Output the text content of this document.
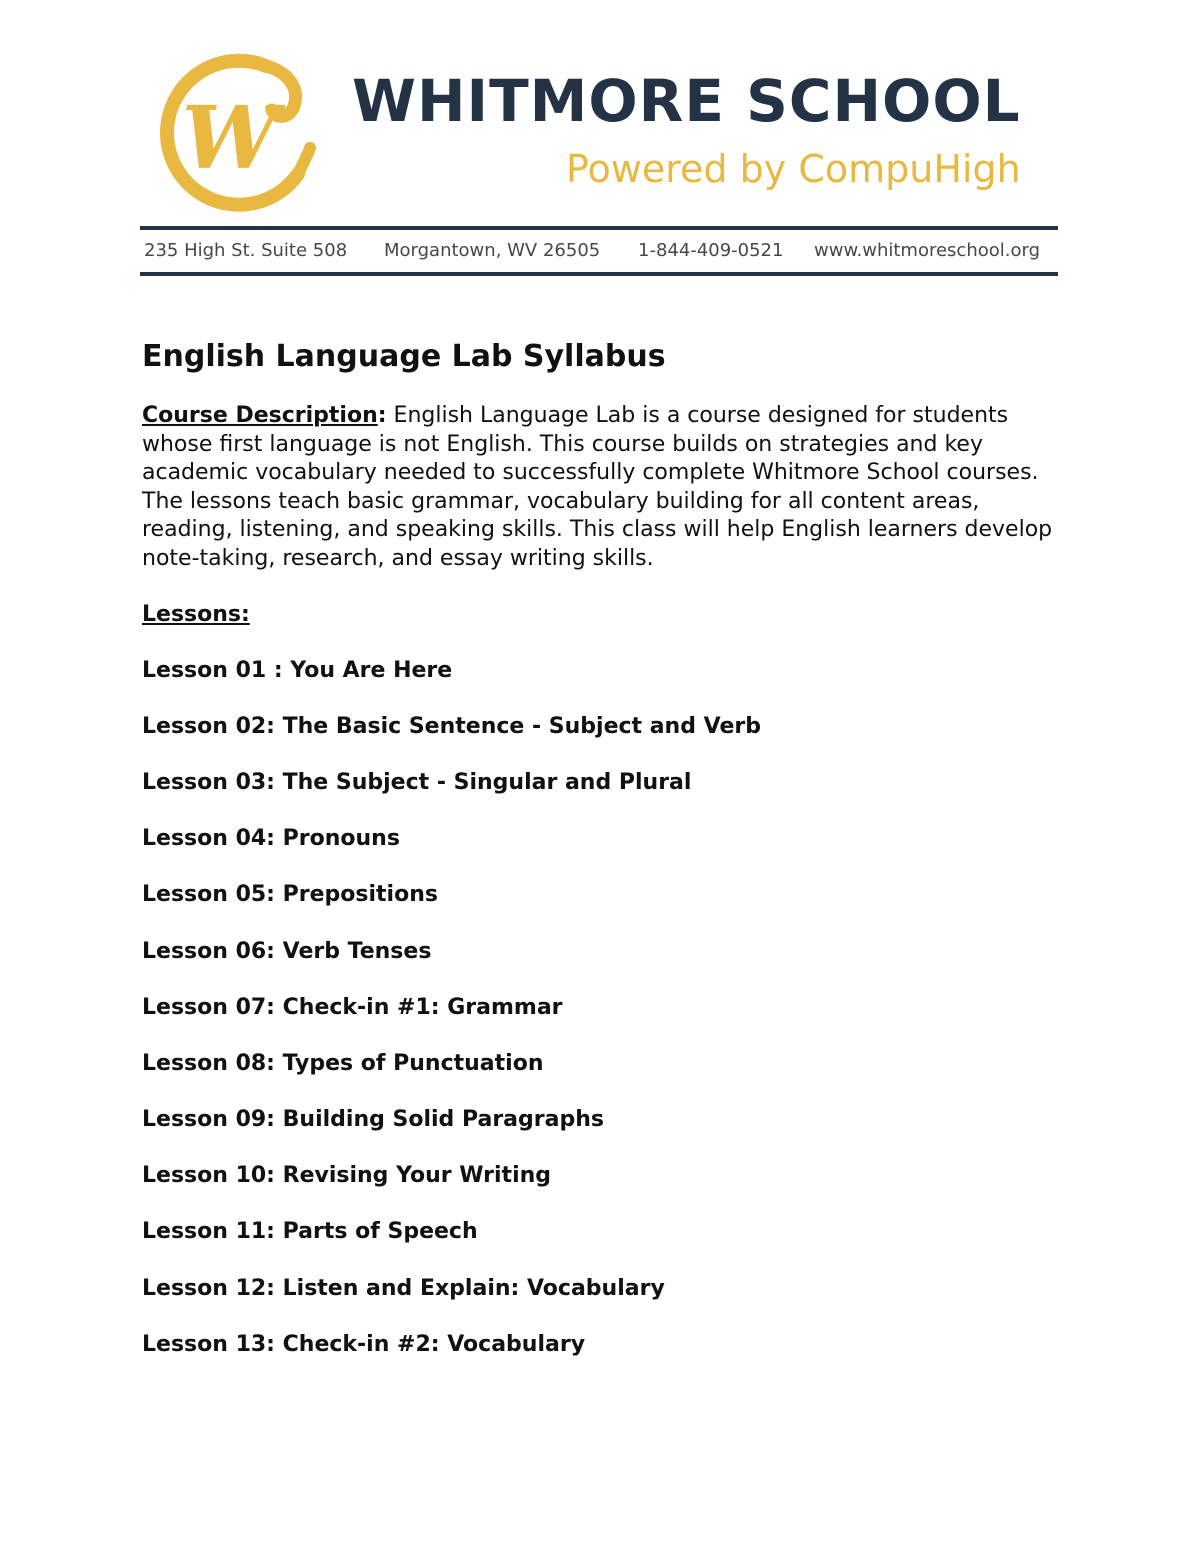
W WHITMORE SCHOOL
Powered by CompuHigh
235 High St. Suite 508 Morgantown, WV 26505 1-844-409-0521 www.whitmoreschool.org
English Language Lab Syllabus

Course Description: English Language Lab is a course designed for students whose first language is not English. This course builds on strategies and key academic vocabulary needed to successfully complete Whitmore School courses. The lessons teach basic grammar, vocabulary building for all content areas, reading, listening, and speaking skills. This class will help English learners develop note-taking, research, and essay writing skills.

Lessons:
Lesson 01 : You Are Here
Lesson 02: The Basic Sentence - Subject and Verb
Lesson 03: The Subject - Singular and Plural
Lesson 04: Pronouns
Lesson 05: Prepositions
Lesson 06: Verb Tenses
Lesson 07: Check-in #1: Grammar
Lesson 08: Types of Punctuation
Lesson 09: Building Solid Paragraphs
Lesson 10: Revising Your Writing
Lesson 11: Parts of Speech
Lesson 12: Listen and Explain: Vocabulary
Lesson 13: Check-in #2: Vocabulary
